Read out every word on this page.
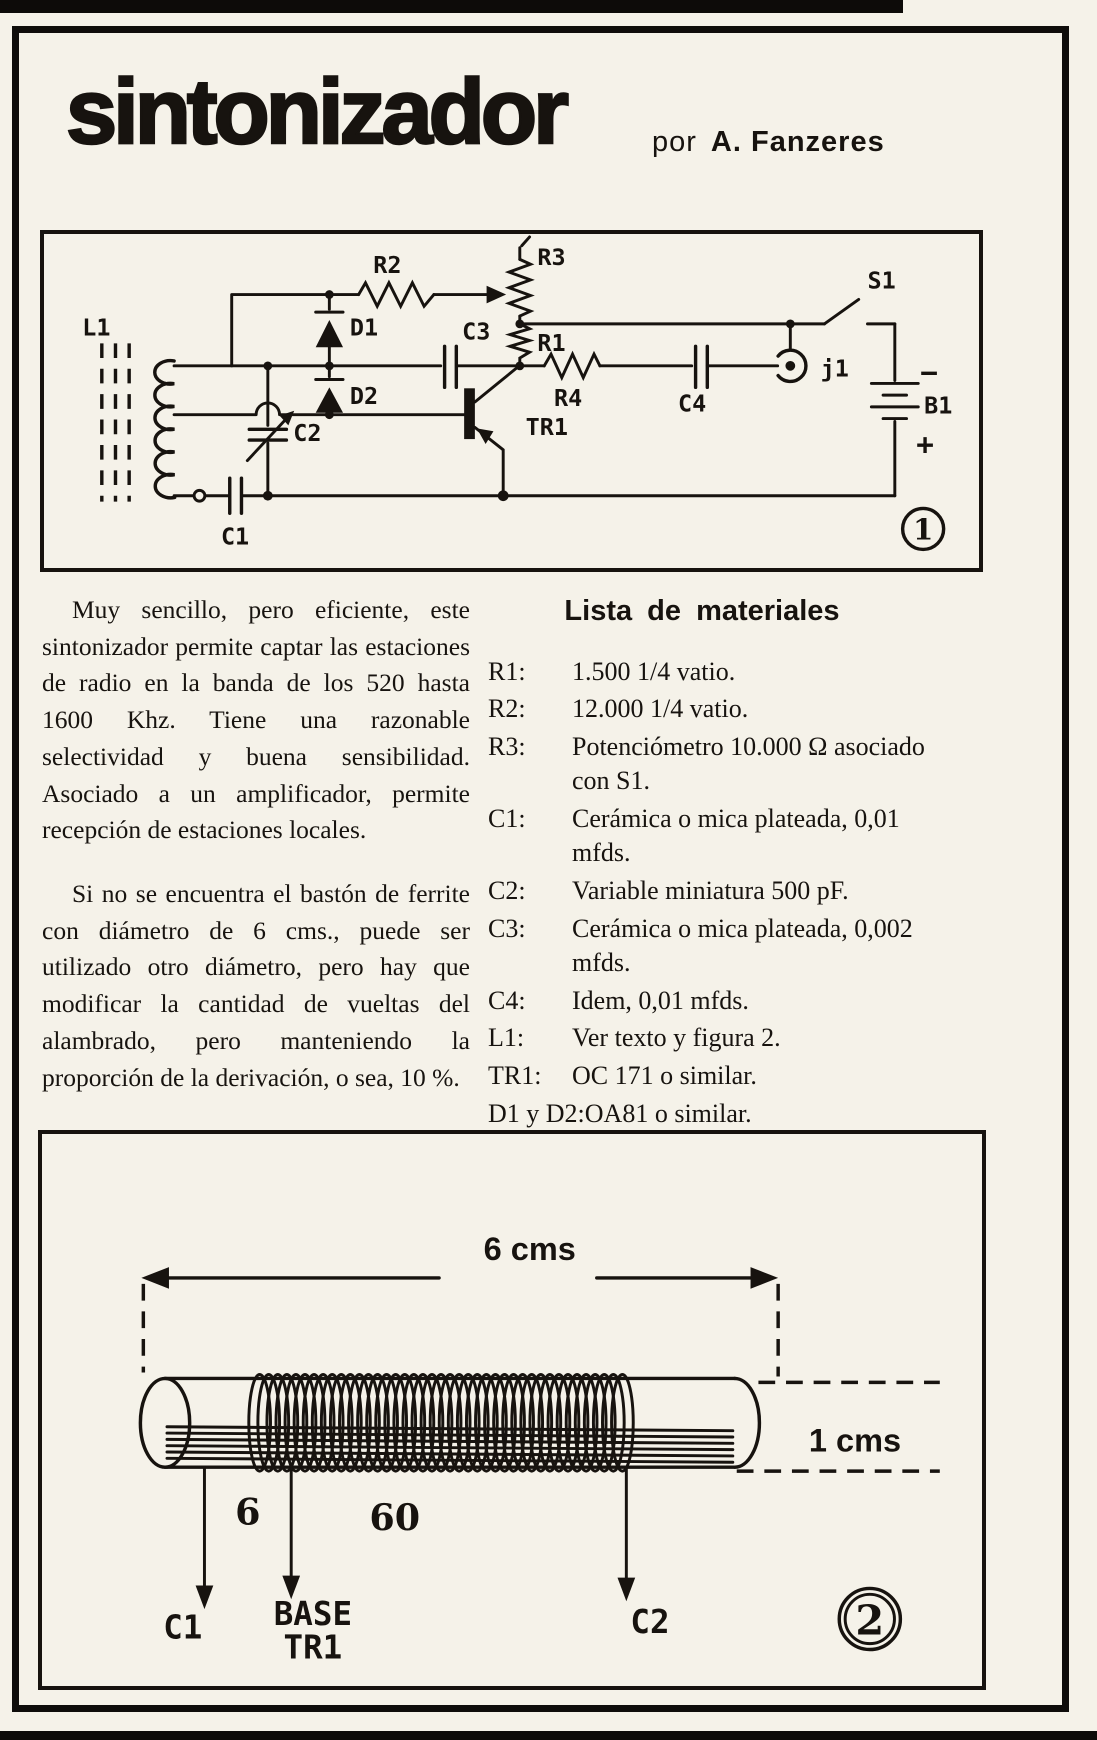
sintonizador	por A. Fanzeres
L1
R2
D1
D2
C3
C2
R3
R1
S1
R4	C4
j1 −
B1
+
TR1
C1	1

Muy sencillo, pero eficiente, este sintonizador permite captar las estaciones de radio en la banda de los 520 hasta 1600 Khz. Tiene una razonable selectividad y buena sensibilidad. Asociado a un amplificador, permite recepción de estaciones locales.

Si no se encuentra el bastón de ferrite con diámetro de 6 cms., puede ser utilizado otro diámetro, pero hay que modificar la cantidad de vueltas del alambrado, pero manteniendo la proporción de la derivación, o sea, 10 %.

Lista de materiales
R1: 1.500 1/4 vatio.
R2: 12.000 1/4 vatio.
R3: Potenciómetro 10.000 Ω asociado con S1.
C1: Cerámica o mica plateada, 0,01 mfds.
C2: Variable miniatura 500 pF.
C3: Cerámica o mica plateada, 0,002 mfds.
C4: Idem, 0,01 mfds.
L1: Ver texto y figura 2.
TR1: OC 171 o similar.
D1 y D2:OA81 o similar.
6 cms
1 cms
6	60
C1 BASE
TR1
C2	2
